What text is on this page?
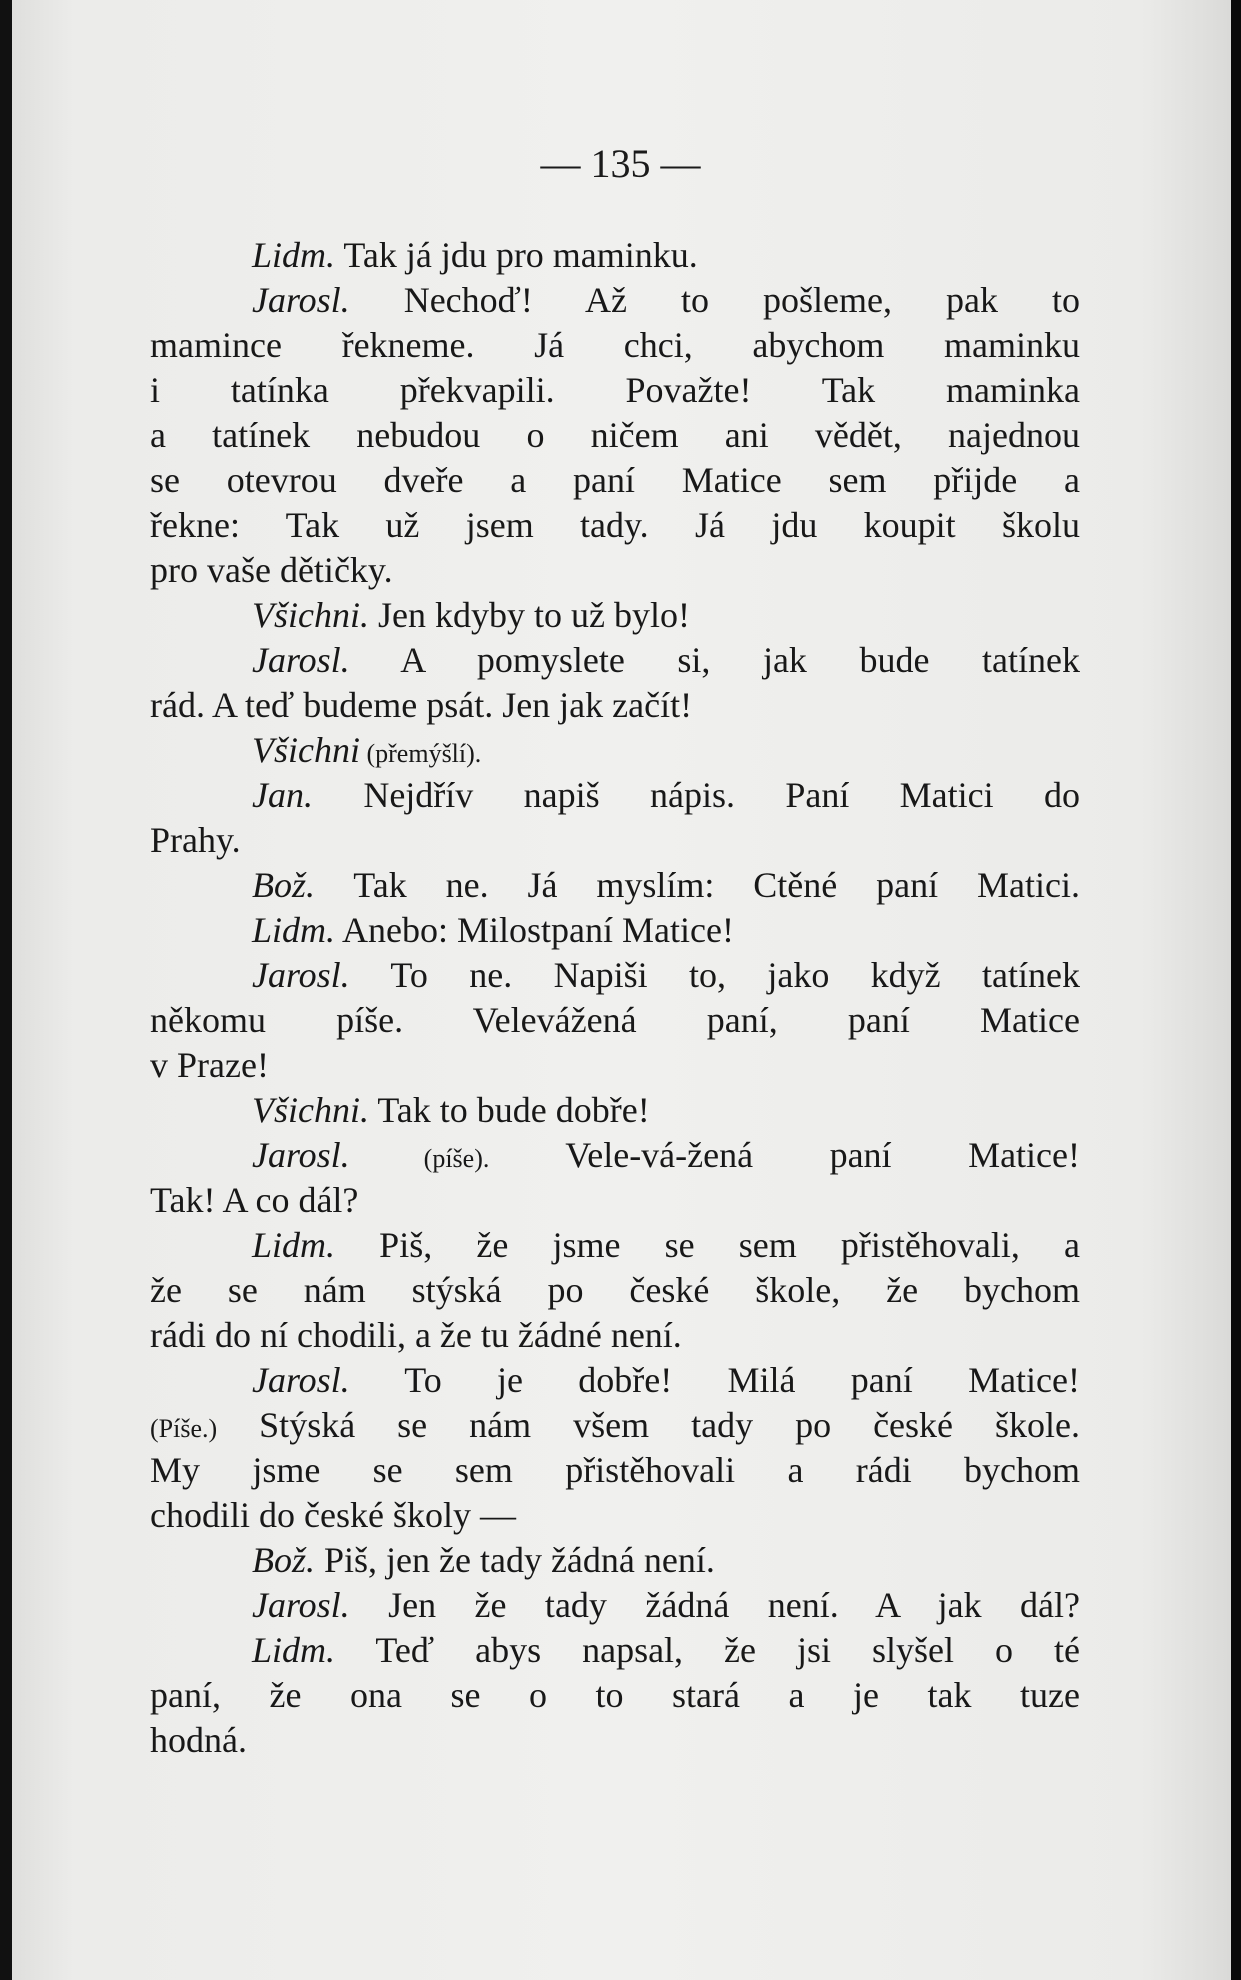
— 135 —
Lidm. Tak já jdu pro maminku.
Jarosl. Nechoď! Až to pošleme, pak to
mamince řekneme. Já chci, abychom maminku
i tatínka překvapili. Považte! Tak maminka
a tatínek nebudou o ničem ani vědět, najednou
se otevrou dveře a paní Matice sem přijde a
řekne: Tak už jsem tady. Já jdu koupit školu
pro vaše dětičky.
Všichni. Jen kdyby to už bylo!
Jarosl. A pomyslete si, jak bude tatínek
rád. A teď budeme psát. Jen jak začít!
Všichni (přemýšlí).
Jan. Nejdřív napiš nápis. Paní Matici do
Prahy.
Bož. Tak ne. Já myslím: Ctěné paní Matici.
Lidm. Anebo: Milostpaní Matice!
Jarosl. To ne. Napiši to, jako když tatínek
někomu píše. Velevážená paní, paní Matice
v Praze!
Všichni. Tak to bude dobře!
Jarosl. (píše). Vele-vá-žená paní Matice!
Tak! A co dál?
Lidm. Piš, že jsme se sem přistěhovali, a
že se nám stýská po české škole, že bychom
rádi do ní chodili, a že tu žádné není.
Jarosl. To je dobře! Milá paní Matice!
(Píše.) Stýská se nám všem tady po české škole.
My jsme se sem přistěhovali a rádi bychom
chodili do české školy —
Bož. Piš, jen že tady žádná není.
Jarosl. Jen že tady žádná není. A jak dál?
Lidm. Teď abys napsal, že jsi slyšel o té
paní, že ona se o to stará a je tak tuze
hodná.
